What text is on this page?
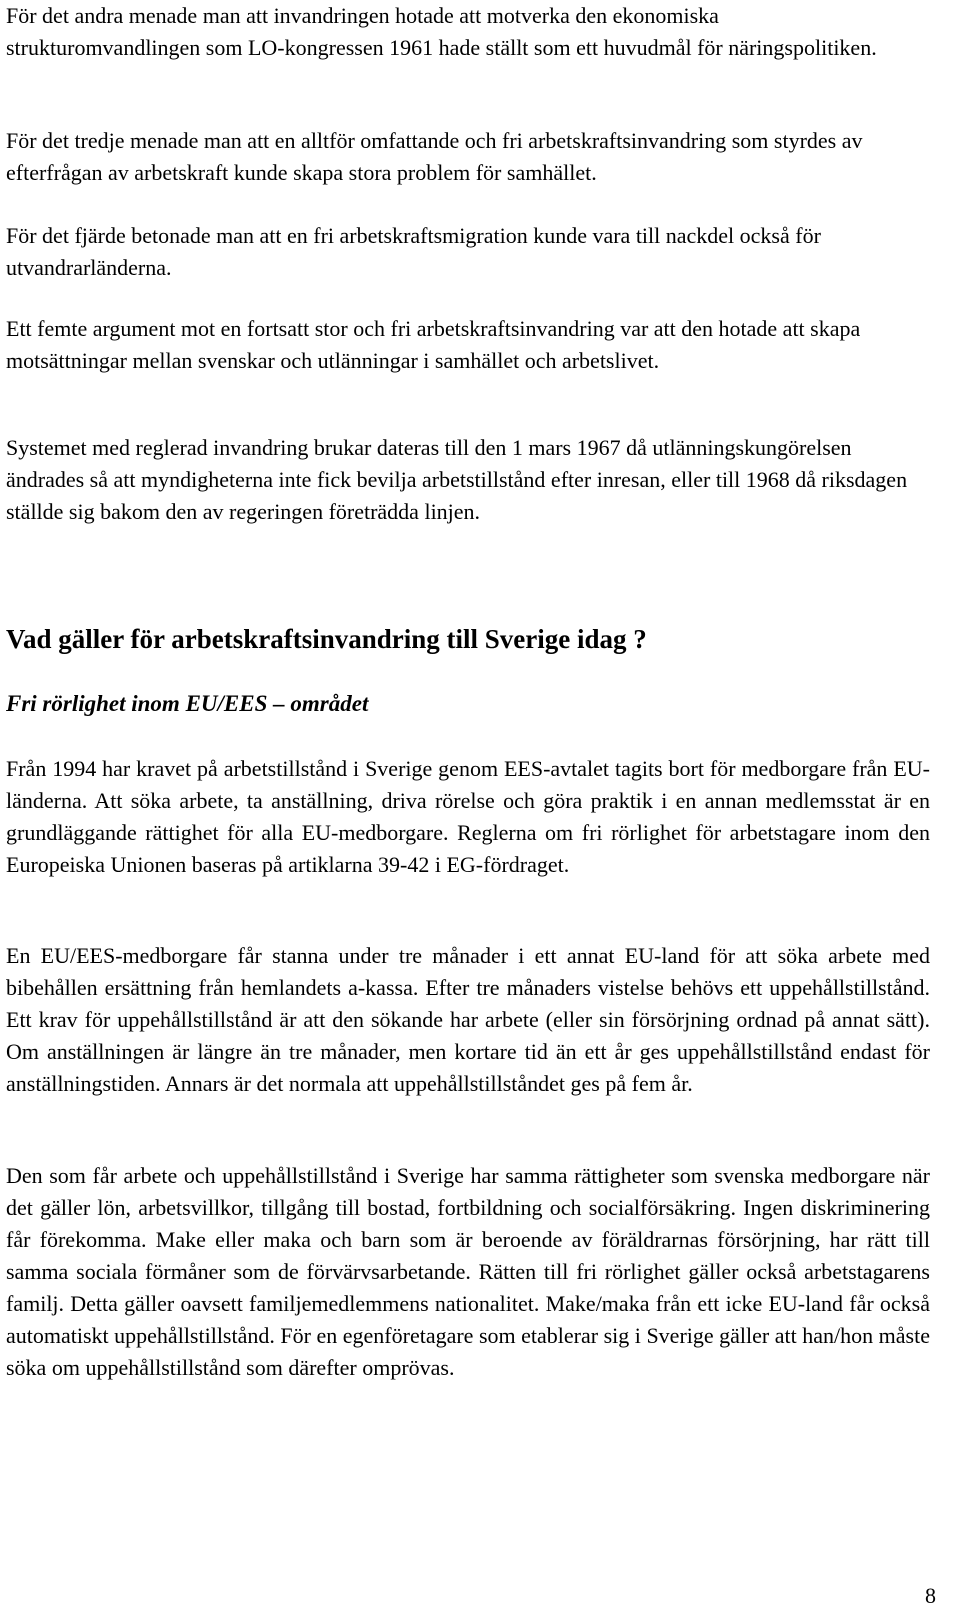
För det andra menade man att invandringen hotade att motverka den ekonomiska strukturomvandlingen som LO-kongressen 1961 hade ställt som ett huvudmål för näringspolitiken.

För det tredje menade man att en alltför omfattande och fri arbetskraftsinvandring som styrdes av efterfrågan av arbetskraft kunde skapa stora problem för samhället.

För det fjärde betonade man att en fri arbetskraftsmigration kunde vara till nackdel också för utvandrarländerna.

Ett femte argument mot en fortsatt stor och fri arbetskraftsinvandring var att den hotade att skapa motsättningar mellan svenskar och utlänningar i samhället och arbetslivet.

Systemet med reglerad invandring brukar dateras till den 1 mars 1967 då utlänningskungörelsen ändrades så att myndigheterna inte fick bevilja arbetstillstånd efter inresan, eller till 1968 då riksdagen ställde sig bakom den av regeringen företrädda linjen.

Vad gäller för arbetskraftsinvandring till Sverige idag ?
Fri rörlighet inom EU/EES – området

Från 1994 har kravet på arbetstillstånd i Sverige genom EES-avtalet tagits bort för medborgare från EU-länderna. Att söka arbete, ta anställning, driva rörelse och göra praktik i en annan medlemsstat är en grundläggande rättighet för alla EU-medborgare. Reglerna om fri rörlighet för arbetstagare inom den Europeiska Unionen baseras på artiklarna 39-42 i EG-fördraget.

En EU/EES-medborgare får stanna under tre månader i ett annat EU-land för att söka arbete med bibehållen ersättning från hemlandets a-kassa. Efter tre månaders vistelse behövs ett uppehållstillstånd. Ett krav för uppehållstillstånd är att den sökande har arbete (eller sin försörjning ordnad på annat sätt). Om anställningen är längre än tre månader, men kortare tid än ett år ges uppehållstillstånd endast för anställningstiden. Annars är det normala att uppehållstillståndet ges på fem år.

Den som får arbete och uppehållstillstånd i Sverige har samma rättigheter som svenska medborgare när det gäller lön, arbetsvillkor, tillgång till bostad, fortbildning och socialförsäkring. Ingen diskriminering får förekomma. Make eller maka och barn som är beroende av föräldrarnas försörjning, har rätt till samma sociala förmåner som de förvärvsarbetande. Rätten till fri rörlighet gäller också arbetstagarens familj. Detta gäller oavsett familjemedlemmens nationalitet. Make/maka från ett icke EU-land får också automatiskt uppehållstillstånd. För en egenföretagare som etablerar sig i Sverige gäller att han/hon måste söka om uppehållstillstånd som därefter omprövas.

8
